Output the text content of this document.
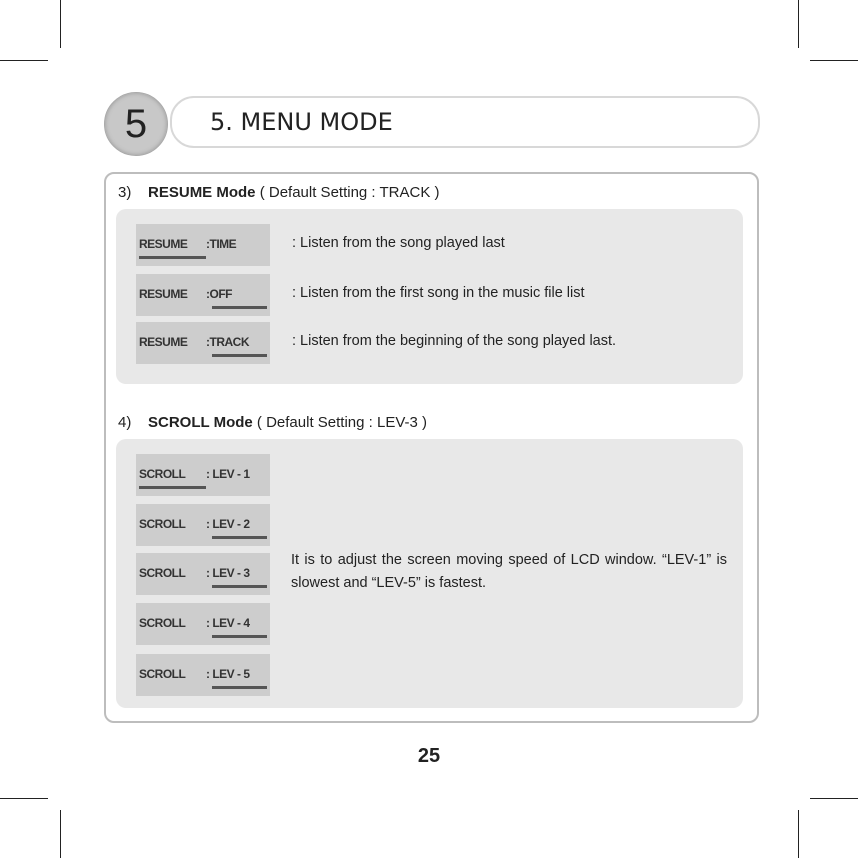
5	5. MENU MODE
3) RESUME Mode ( Default Setting : TRACK )
RESUME :TIME	: Listen from the song played last
RESUME :OFF	: Listen from the first song in the music file list
RESUME :TRACK	: Listen from the beginning of the song played last.
4) SCROLL Mode ( Default Setting : LEV-3 )
SCROLL : LEV - 1
SCROLL : LEV - 2
SCROLL : LEV - 3
SCROLL : LEV - 4
SCROLL : LEV - 5
It is to adjust the screen moving speed of LCD window. “LEV-1” is slowest and “LEV-5” is fastest.
25
